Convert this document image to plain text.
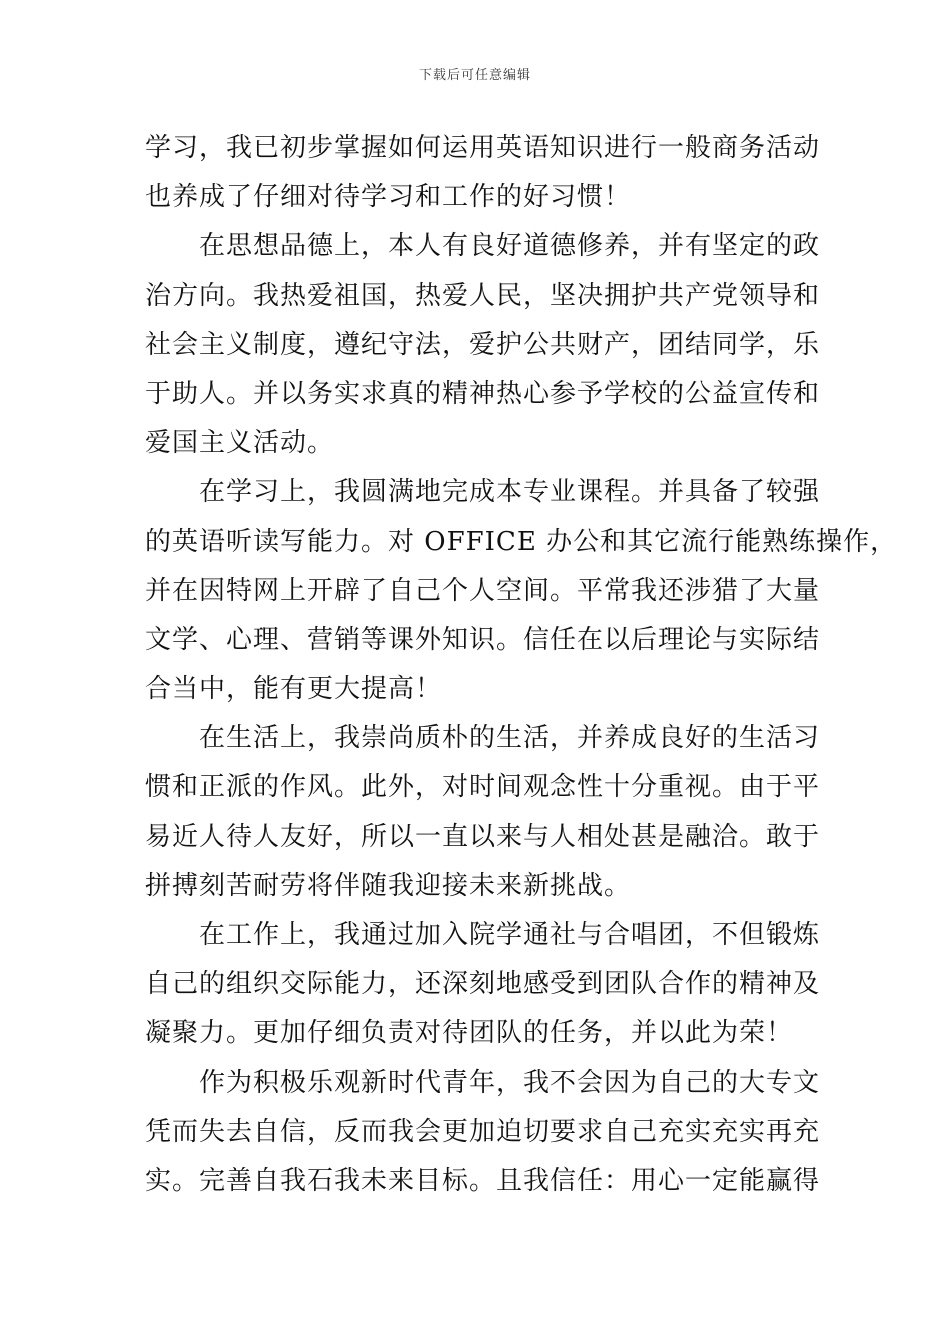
下载后可任意编辑
学习，我已初步掌握如何运用英语知识进行一般商务活动
也养成了仔细对待学习和工作的好习惯！
在思想品德上，本人有良好道德修养，并有坚定的政
治方向。我热爱祖国，热爱人民，坚决拥护共产党领导和
社会主义制度，遵纪守法，爱护公共财产，团结同学，乐
于助人。并以务实求真的精神热心参予学校的公益宣传和
爱国主义活动。
在学习上，我圆满地完成本专业课程。并具备了较强
的英语听读写能力。对 OFFICE 办公和其它流行能熟练操作，
并在因特网上开辟了自己个人空间。平常我还涉猎了大量
文学、心理、营销等课外知识。信任在以后理论与实际结
合当中，能有更大提高！
在生活上，我崇尚质朴的生活，并养成良好的生活习
惯和正派的作风。此外，对时间观念性十分重视。由于平
易近人待人友好，所以一直以来与人相处甚是融洽。敢于
拼搏刻苦耐劳将伴随我迎接未来新挑战。
在工作上，我通过加入院学通社与合唱团，不但锻炼
自己的组织交际能力，还深刻地感受到团队合作的精神及
凝聚力。更加仔细负责对待团队的任务，并以此为荣！
作为积极乐观新时代青年，我不会因为自己的大专文
凭而失去自信，反而我会更加迫切要求自己充实充实再充
实。完善自我石我未来目标。且我信任：用心一定能赢得
